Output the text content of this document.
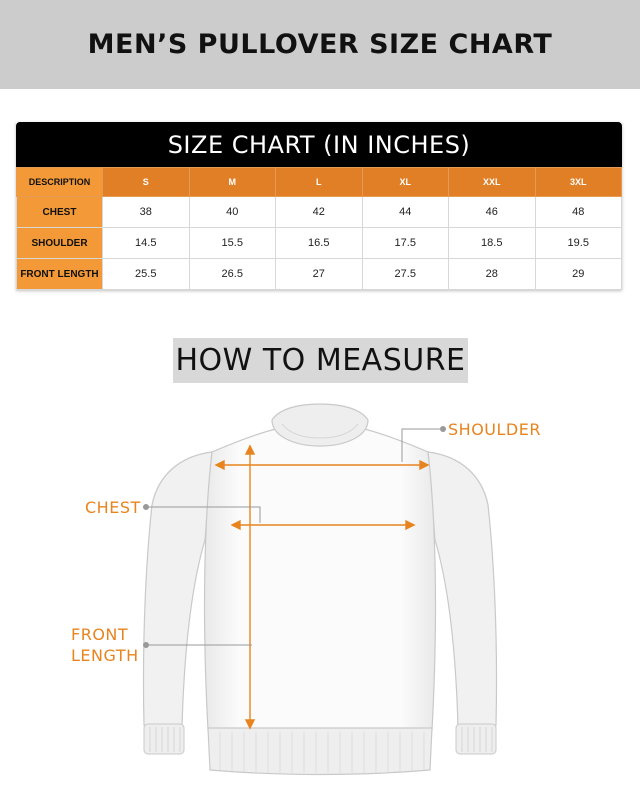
MEN’S PULLOVER SIZE CHART
SIZE CHART (IN INCHES)
DESCRIPTION	S	M	L	XL	XXL	3XL
CHEST	38	40	42	44	46	48
SHOULDER	14.5	15.5	16.5	17.5	18.5	19.5
FRONT LENGTH	25.5	26.5	27	27.5	28	29
HOW TO MEASURE
SHOULDER
CHEST
FRONT
LENGTH
